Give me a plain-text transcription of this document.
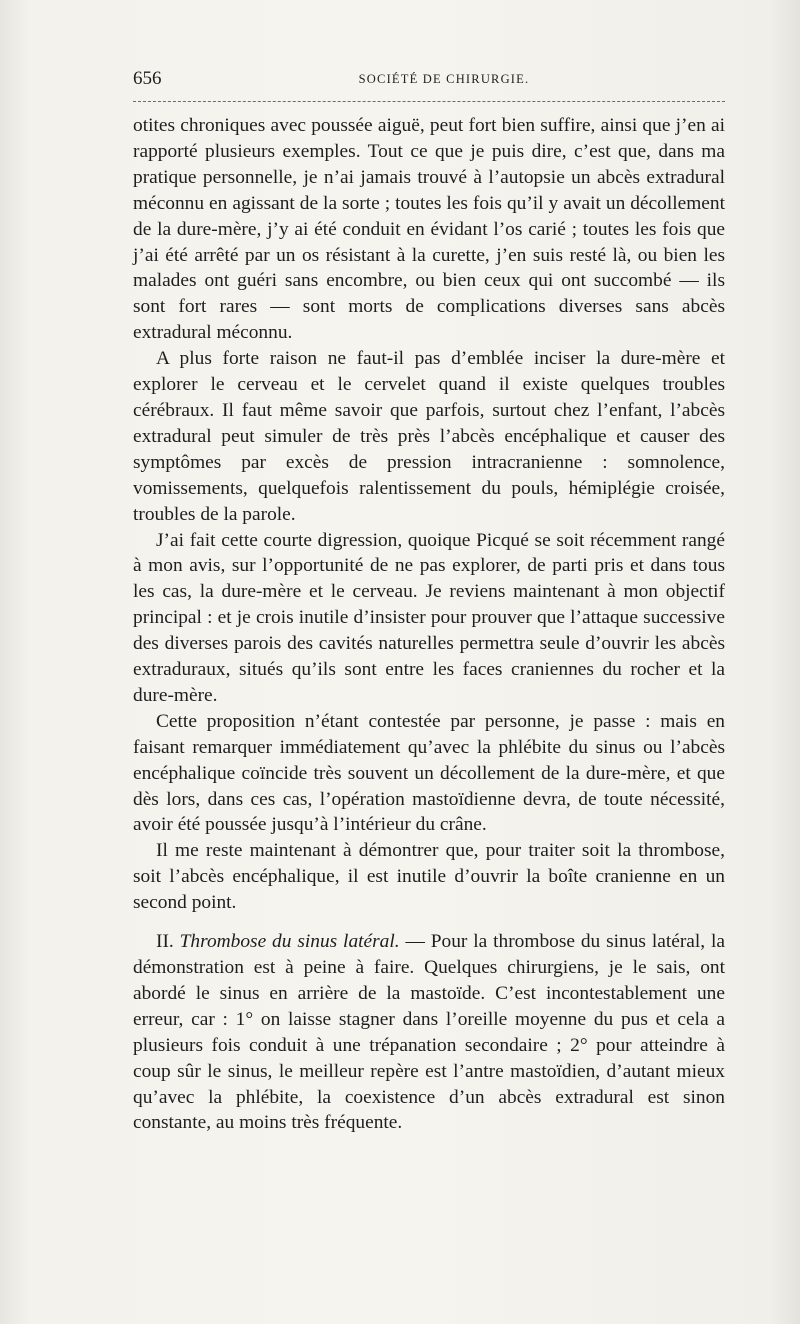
656	SOCIÉTÉ DE CHIRURGIE.

otites chroniques avec poussée aiguë, peut fort bien suffire, ainsi que j’en ai rapporté plusieurs exemples. Tout ce que je puis dire, c’est que, dans ma pratique personnelle, je n’ai jamais trouvé à l’autopsie un abcès extradural méconnu en agissant de la sorte ; toutes les fois qu’il y avait un décollement de la dure-mère, j’y ai été conduit en évidant l’os carié ; toutes les fois que j’ai été arrêté par un os résistant à la curette, j’en suis resté là, ou bien les malades ont guéri sans encombre, ou bien ceux qui ont succombé — ils sont fort rares — sont morts de complications diverses sans abcès extradural méconnu.

A plus forte raison ne faut-il pas d’emblée inciser la dure-mère et explorer le cerveau et le cervelet quand il existe quelques troubles cérébraux. Il faut même savoir que parfois, surtout chez l’enfant, l’abcès extradural peut simuler de très près l’abcès encéphalique et causer des symptômes par excès de pression intracranienne : somnolence, vomissements, quelquefois ralentissement du pouls, hémiplégie croisée, troubles de la parole.

J’ai fait cette courte digression, quoique Picqué se soit récemment rangé à mon avis, sur l’opportunité de ne pas explorer, de parti pris et dans tous les cas, la dure-mère et le cerveau. Je reviens maintenant à mon objectif principal : et je crois inutile d’insister pour prouver que l’attaque successive des diverses parois des cavités naturelles permettra seule d’ouvrir les abcès extraduraux, situés qu’ils sont entre les faces craniennes du rocher et la dure-mère.

Cette proposition n’étant contestée par personne, je passe : mais en faisant remarquer immédiatement qu’avec la phlébite du sinus ou l’abcès encéphalique coïncide très souvent un décollement de la dure-mère, et que dès lors, dans ces cas, l’opération mastoïdienne devra, de toute nécessité, avoir été poussée jusqu’à l’intérieur du crâne.

Il me reste maintenant à démontrer que, pour traiter soit la thrombose, soit l’abcès encéphalique, il est inutile d’ouvrir la boîte cranienne en un second point.

II. Thrombose du sinus latéral. — Pour la thrombose du sinus latéral, la démonstration est à peine à faire. Quelques chirurgiens, je le sais, ont abordé le sinus en arrière de la mastoïde. C’est incontestablement une erreur, car : 1° on laisse stagner dans l’oreille moyenne du pus et cela a plusieurs fois conduit à une trépanation secondaire ; 2° pour atteindre à coup sûr le sinus, le meilleur repère est l’antre mastoïdien, d’autant mieux qu’avec la phlébite, la coexistence d’un abcès extradural est sinon constante, au moins très fréquente.
